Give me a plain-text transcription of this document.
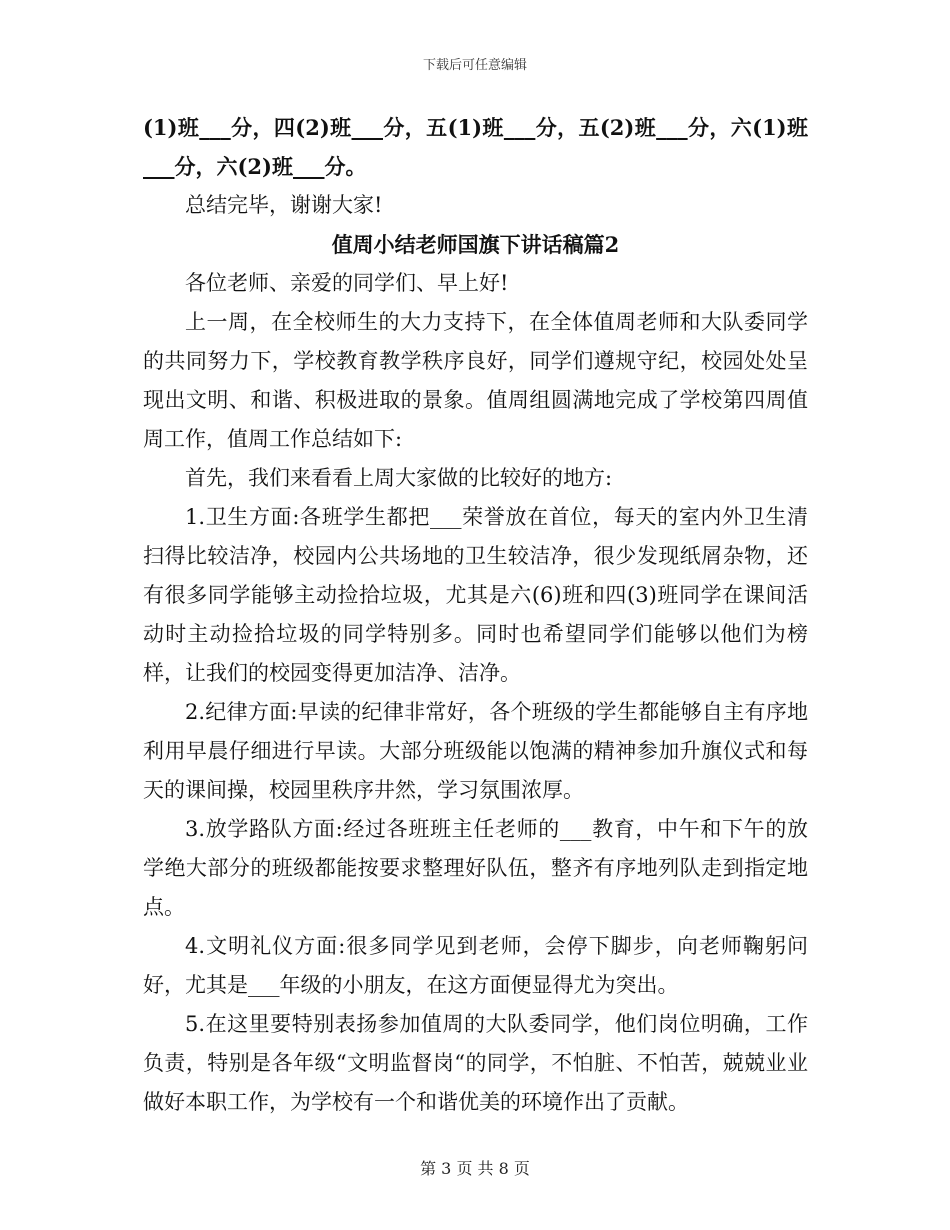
下载后可任意编辑

(1)班___分，四(2)班___分，五(1)班___分，五(2)班___分，六(1)班___分，六(2)班___分。

总结完毕，谢谢大家!

值周小结老师国旗下讲话稿篇2

各位老师、亲爱的同学们、早上好!

上一周，在全校师生的大力支持下，在全体值周老师和大队委同学的共同努力下，学校教育教学秩序良好，同学们遵规守纪，校园处处呈现出文明、和谐、积极进取的景象。值周组圆满地完成了学校第四周值周工作，值周工作总结如下:

首先，我们来看看上周大家做的比较好的地方:

1.卫生方面:各班学生都把___荣誉放在首位，每天的室内外卫生清扫得比较洁净，校园内公共场地的卫生较洁净，很少发现纸屑杂物，还有很多同学能够主动捡拾垃圾，尤其是六(6)班和四(3)班同学在课间活动时主动捡拾垃圾的同学特别多。同时也希望同学们能够以他们为榜样，让我们的校园变得更加洁净、洁净。

2.纪律方面:早读的纪律非常好，各个班级的学生都能够自主有序地利用早晨仔细进行早读。大部分班级能以饱满的精神参加升旗仪式和每天的课间操，校园里秩序井然，学习氛围浓厚。

3.放学路队方面:经过各班班主任老师的___教育，中午和下午的放学绝大部分的班级都能按要求整理好队伍，整齐有序地列队走到指定地点。

4.文明礼仪方面:很多同学见到老师，会停下脚步，向老师鞠躬问好，尤其是___年级的小朋友，在这方面便显得尤为突出。

5.在这里要特别表扬参加值周的大队委同学，他们岗位明确，工作负责，特别是各年级“文明监督岗“的同学，不怕脏、不怕苦，兢兢业业做好本职工作，为学校有一个和谐优美的环境作出了贡献。

第 3 页 共 8 页
